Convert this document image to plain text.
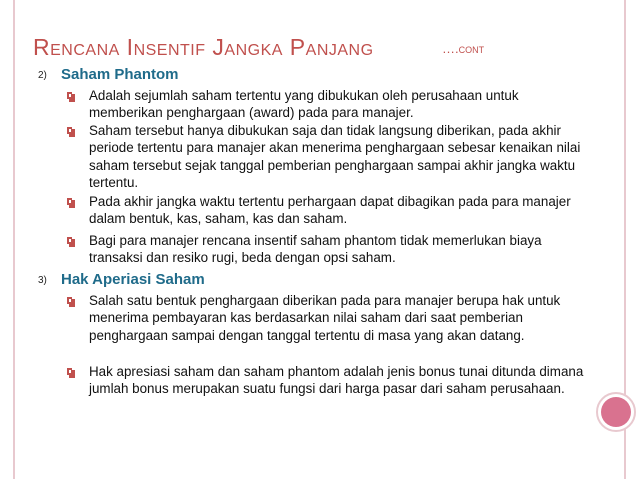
Rencana Insentif Jangka Panjang	….cont
2) Saham Phantom
Adalah sejumlah saham tertentu yang dibukukan oleh perusahaan untuk memberikan penghargaan (award) pada para manajer.
Saham tersebut hanya dibukukan saja dan tidak langsung diberikan, pada akhir periode tertentu para manajer akan menerima penghargaan sebesar kenaikan nilai saham tersebut sejak tanggal pemberian penghargaan sampai akhir jangka waktu tertentu.
Pada akhir jangka waktu tertentu perhargaan dapat dibagikan pada para manajer dalam bentuk, kas, saham, kas dan saham.
Bagi para manajer rencana insentif saham phantom tidak memerlukan biaya transaksi dan resiko rugi, beda dengan opsi saham.
3) Hak Aperiasi Saham
Salah satu bentuk penghargaan diberikan pada para manajer berupa hak untuk menerima pembayaran kas berdasarkan nilai saham dari saat pemberian penghargaan sampai dengan tanggal tertentu di masa yang akan datang.
Hak apresiasi saham dan saham phantom adalah jenis bonus tunai ditunda dimana jumlah bonus merupakan suatu fungsi dari harga pasar dari saham perusahaan.
